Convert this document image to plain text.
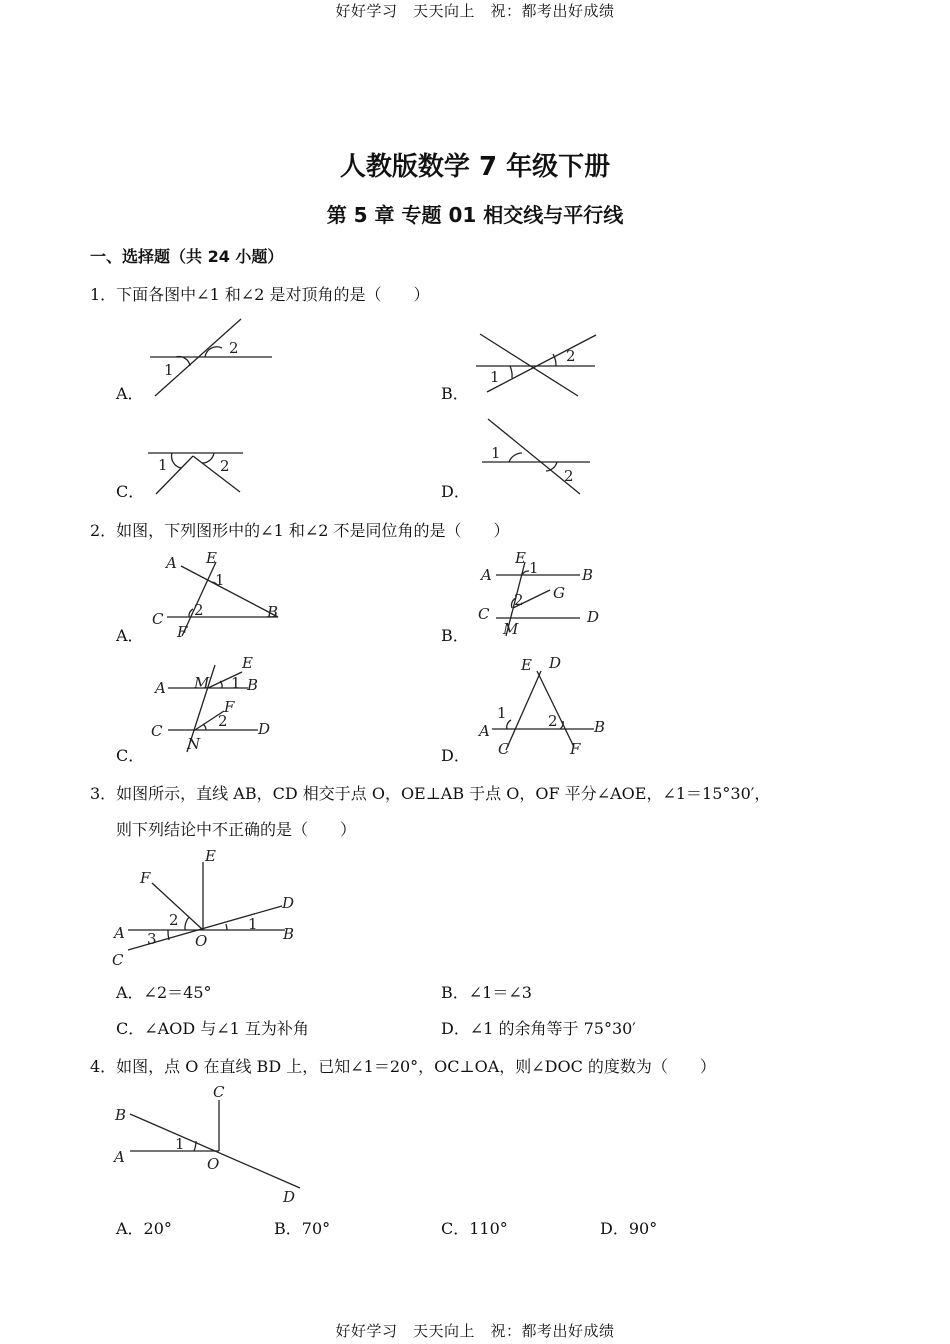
好好学习　天天向上　祝：都考出好成绩
人教版数学 7 年级下册
第 5 章 专题 01 相交线与平行线
一、选择题（共 24 小题）
1．下面各图中∠1 和∠2 是对顶角的是（　　）
A．	B．
C．	D．
1
2
1
2
1	2
1
2
2．如图，下列图形中的∠1 和∠2 不是同位角的是（　　）
A．	B．
C．	D．
A E
1
2
C
F
B
A
E
1	B
2 G
C
M
D
E
A M 1 B
F
2
C
N
D
E D
1	2
A
C	F
B
3．如图所示，直线 AB，CD 相交于点 O，OE⊥AB 于点 O，OF 平分∠AOE，∠1＝15°30′，
则下列结论中不正确的是（　　）
E
F
D
2	1
A 3	O	B
C
A．∠2＝45°	B．∠1＝∠3
C．∠AOD 与∠1 互为补角	D．∠1 的余角等于 75°30′
4．如图，点 O 在直线 BD 上，已知∠1＝20°，OC⊥OA，则∠DOC 的度数为（　　）
C
B
1
A	O
D
A．20°	B．70°	C．110°	D．90°
好好学习　天天向上　祝：都考出好成绩
